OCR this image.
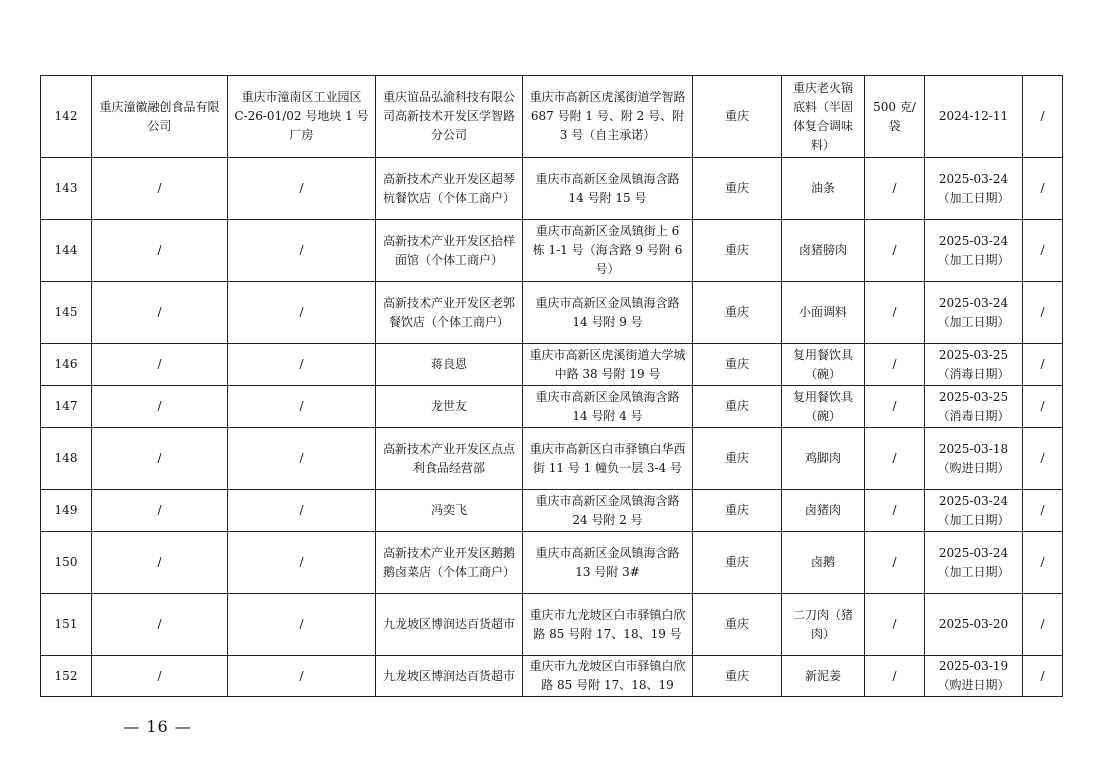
142	重庆潼徽融创食品有限公司	重庆市潼南区工业园区 C-26-01/02 号地块 1 号厂房	重庆谊品弘渝科技有限公司高新技术开发区学智路分公司	重庆市高新区虎溪街道学智路 687 号附 1 号、附 2 号、附 3 号（自主承诺）	重庆	重庆老火锅底料（半固体复合调味料）	500 克/袋	2024-12-11	/
143	/	/	高新技术产业开发区超琴杭餐饮店（个体工商户）	重庆市高新区金凤镇海含路 14 号附 15 号	重庆	油条	/	2025-03-24（加工日期）	/
144	/	/	高新技术产业开发区拾样面馆（个体工商户）	重庆市高新区金凤镇街上 6 栋 1-1 号（海含路 9 号附 6 号）	重庆	卤猪膀肉	/	2025-03-24（加工日期）	/
145	/	/	高新技术产业开发区老郭餐饮店（个体工商户）	重庆市高新区金凤镇海含路 14 号附 9 号	重庆	小面调料	/	2025-03-24（加工日期）	/
146	/	/	蒋良恩	重庆市高新区虎溪街道大学城中路 38 号附 19 号	重庆	复用餐饮具（碗）	/	2025-03-25（消毒日期）	/
147	/	/	龙世友	重庆市高新区金凤镇海含路 14 号附 4 号	重庆	复用餐饮具（碗）	/	2025-03-25（消毒日期）	/
148	/	/	高新技术产业开发区点点利食品经营部	重庆市高新区白市驿镇白华西街 11 号 1 幢负一层 3-4 号	重庆	鸡脚肉	/	2025-03-18（购进日期）	/
149	/	/	冯奕飞	重庆市高新区金凤镇海含路 24 号附 2 号	重庆	卤猪肉	/	2025-03-24（加工日期）	/
150	/	/	高新技术产业开发区鹅鹅鹅卤菜店（个体工商户）	重庆市高新区金凤镇海含路 13 号附 3#	重庆	卤鹅	/	2025-03-24（加工日期）	/
151	/	/	九龙坡区博润达百货超市	重庆市九龙坡区白市驿镇白欣路 85 号附 17、18、19 号	重庆	二刀肉（猪肉）	/	2025-03-20	/
152	/	/	九龙坡区博润达百货超市	重庆市九龙坡区白市驿镇白欣路 85 号附 17、18、19	重庆	新泥姜	/	2025-03-19（购进日期）	/
— 16 —
